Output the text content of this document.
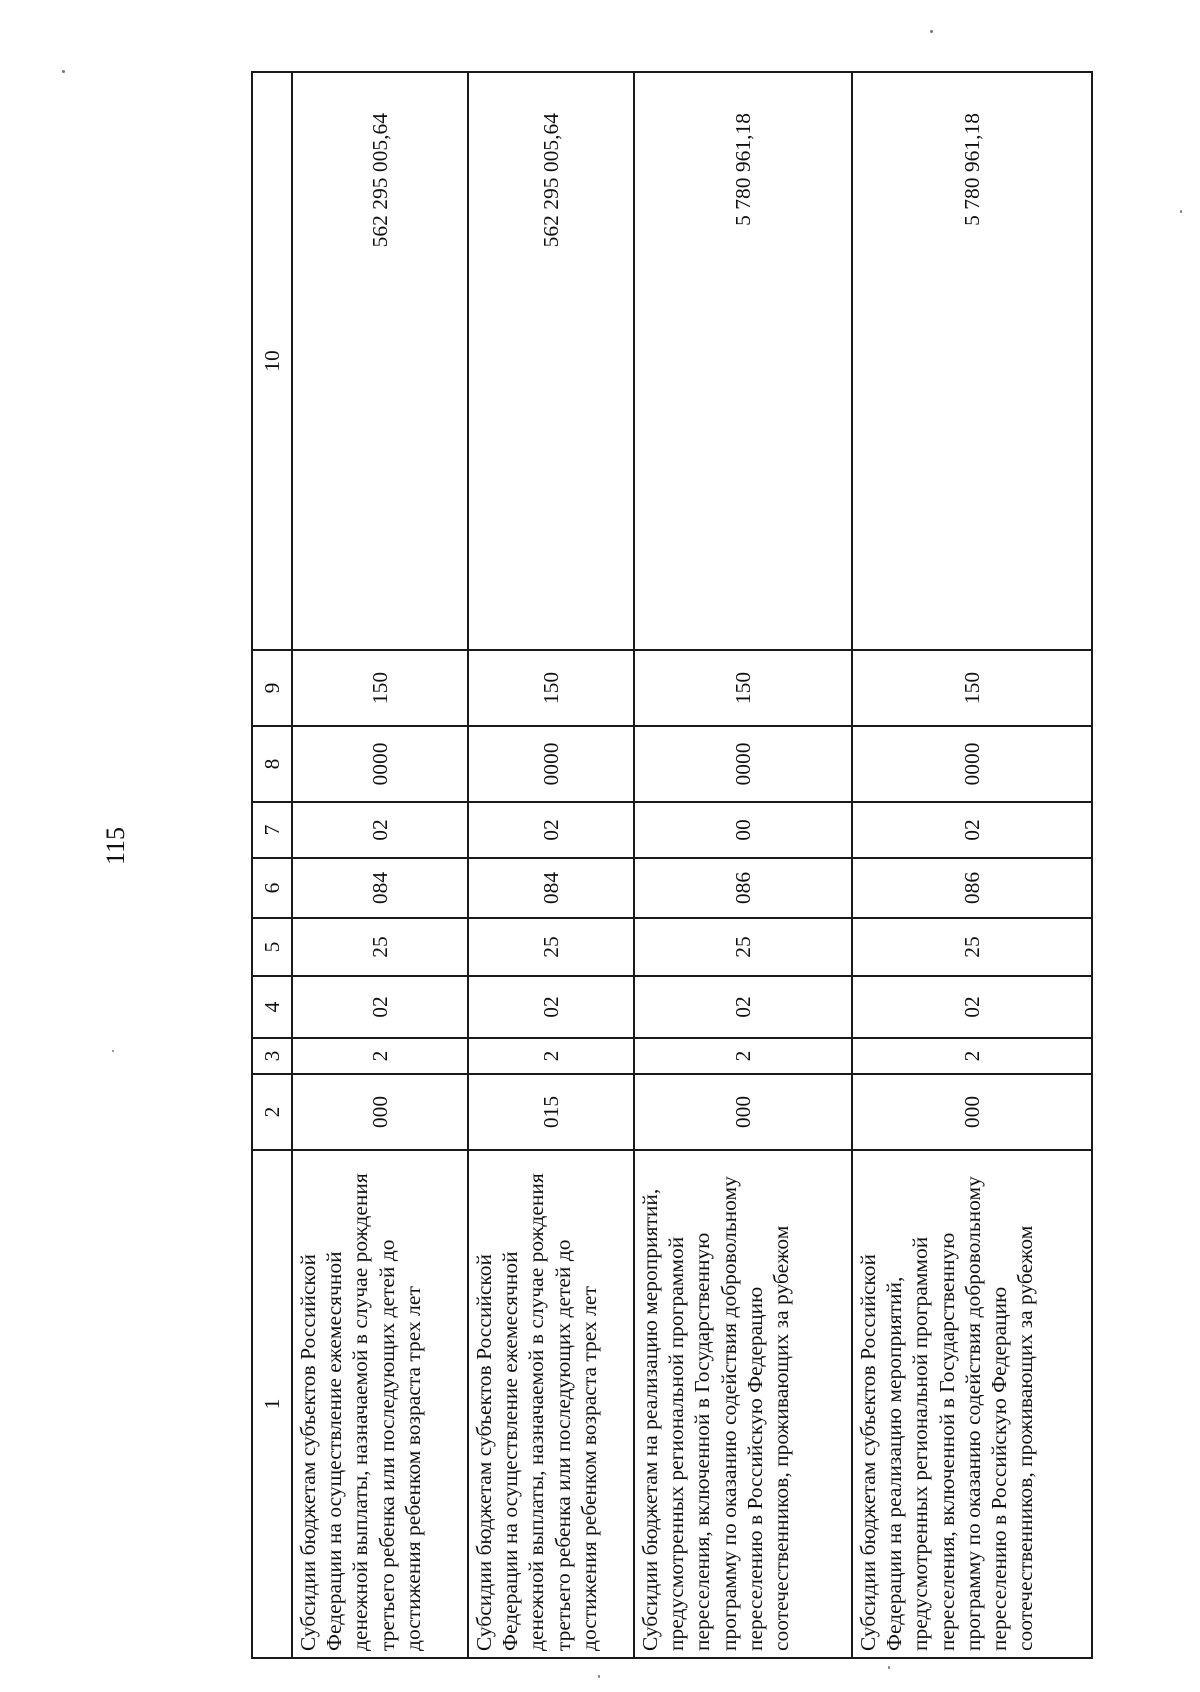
115
1	2	3	4	5	6	7	8	9	10
Субсидии бюджетам субъектов Российской Федерации на осуществление ежемесячной денежной выплаты, назначаемой в случае рождения третьего ребенка или последующих детей до достижения ребенком возраста трех лет	000	2	02	25	084	02	0000	150	562 295 005,64
Субсидии бюджетам субъектов Российской Федерации на осуществление ежемесячной денежной выплаты, назначаемой в случае рождения третьего ребенка или последующих детей до достижения ребенком возраста трех лет	015	2	02	25	084	02	0000	150	562 295 005,64
Субсидии бюджетам на реализацию мероприятий, предусмотренных региональной программой переселения, включенной в Государственную программу по оказанию содействия добровольному переселению в Российскую Федерацию соотечественников, проживающих за рубежом	000	2	02	25	086	00	0000	150	5 780 961,18
Субсидии бюджетам субъектов Российской Федерации на реализацию мероприятий, предусмотренных региональной программой переселения, включенной в Государственную программу по оказанию содействия добровольному переселению в Российскую Федерацию соотечественников, проживающих за рубежом	000	2	02	25	086	02	0000	150	5 780 961,18
